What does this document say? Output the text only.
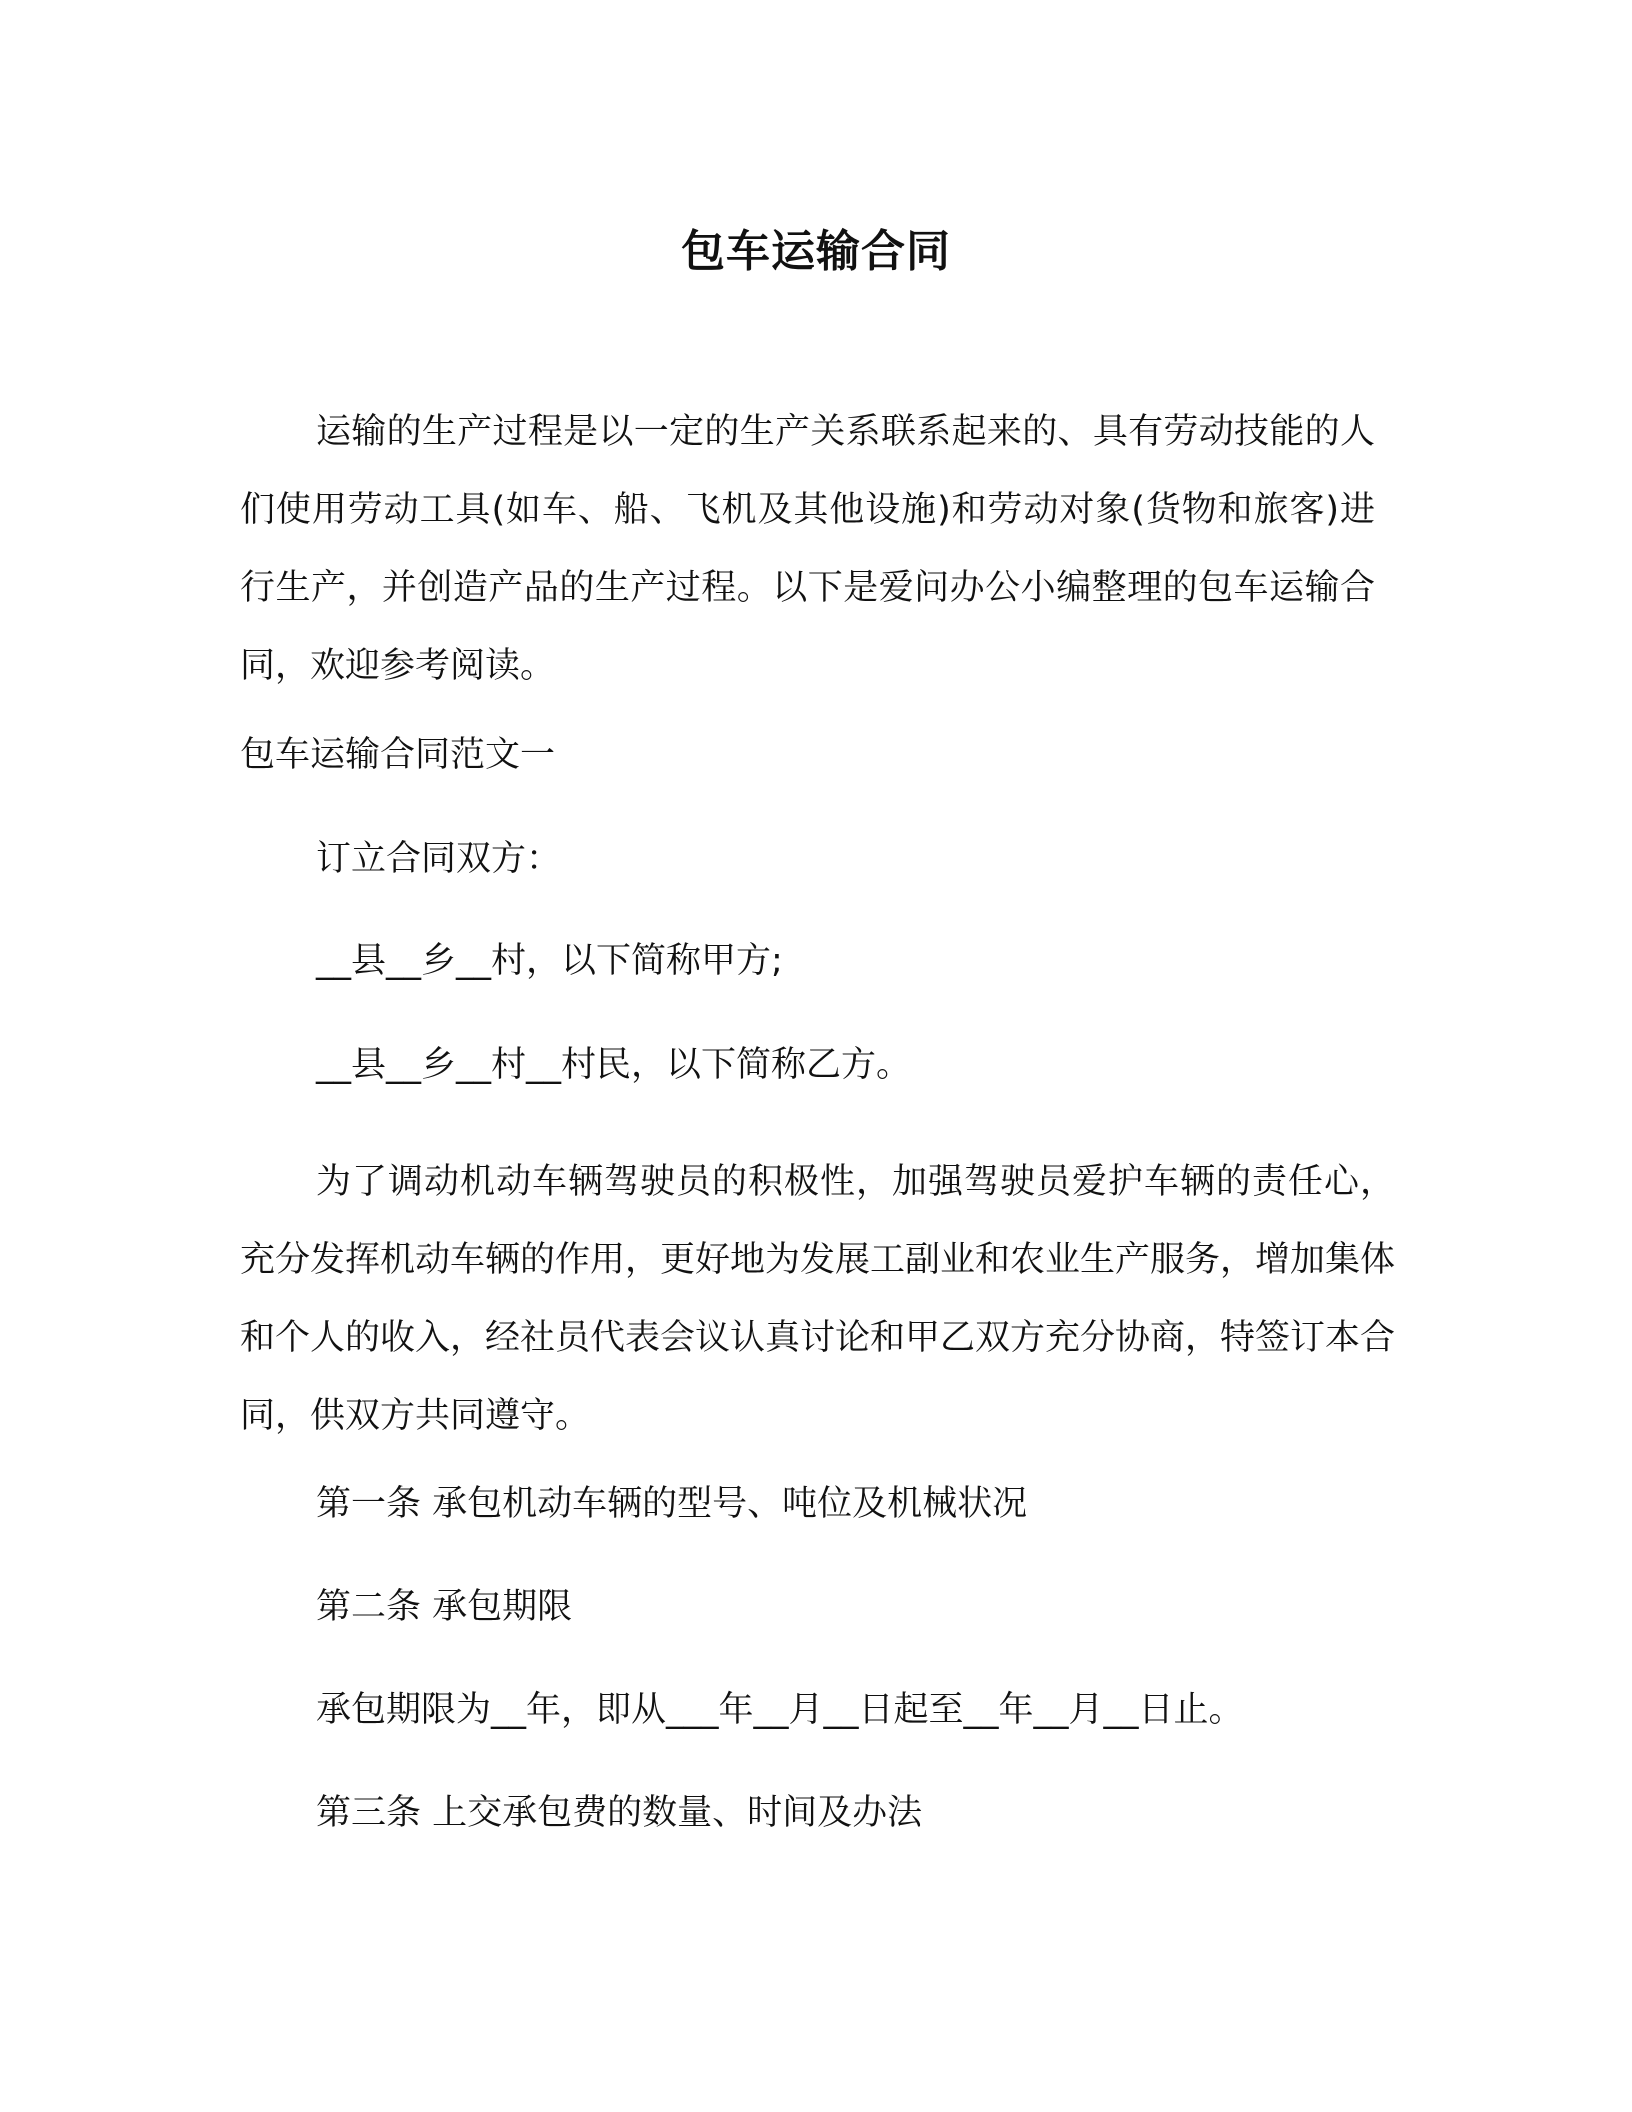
包车运输合同

运输的生产过程是以一定的生产关系联系起来的、具有劳动技能的人们使用劳动工具(如车、船、飞机及其他设施)和劳动对象(货物和旅客)进行生产，并创造产品的生产过程。以下是爱问办公小编整理的包车运输合同，欢迎参考阅读。

包车运输合同范文一

订立合同双方：

__县__乡__村，以下简称甲方;

__县__乡__村__村民，以下简称乙方。

为了调动机动车辆驾驶员的积极性，加强驾驶员爱护车辆的责任心，充分发挥机动车辆的作用，更好地为发展工副业和农业生产服务，增加集体和个人的收入，经社员代表会议认真讨论和甲乙双方充分协商，特签订本合同，供双方共同遵守。

第一条 承包机动车辆的型号、吨位及机械状况

第二条 承包期限

承包期限为__年，即从___年__月__日起至__年__月__日止。

第三条 上交承包费的数量、时间及办法
